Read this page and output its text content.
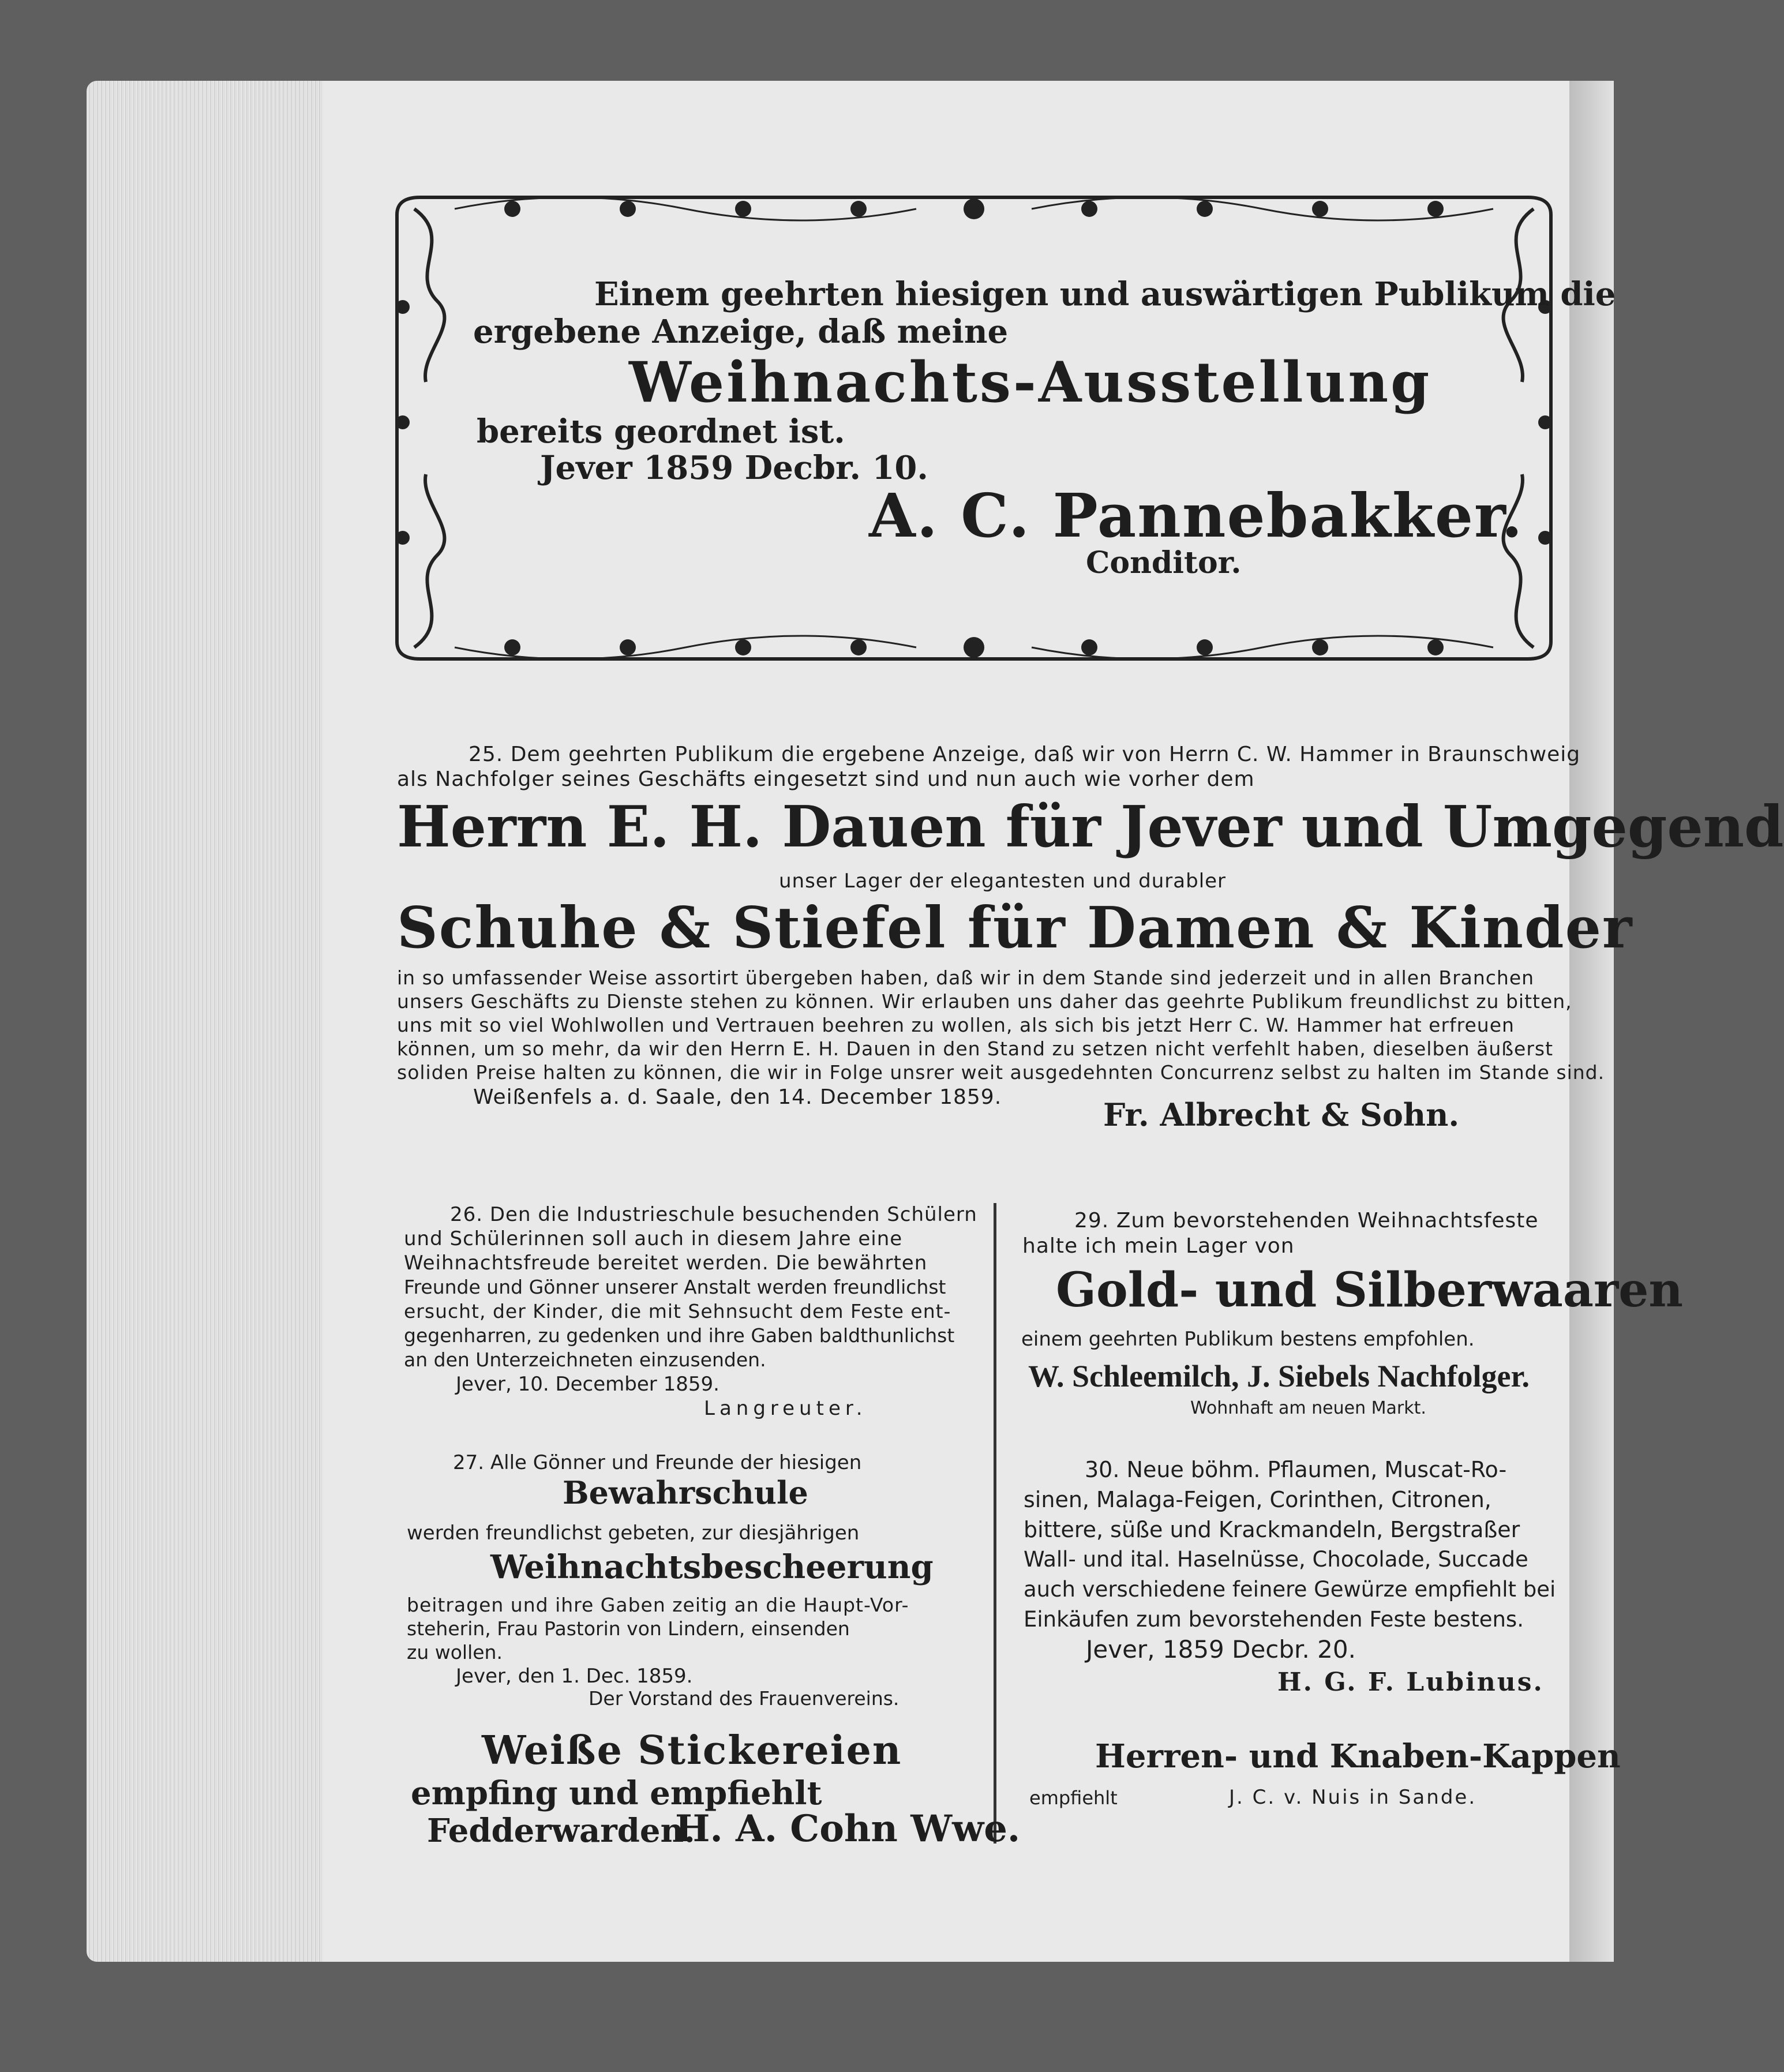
Einem geehrten hiesigen und auswärtigen Publikum die
ergebene Anzeige, daß meine
Weihnachts-Ausstellung
bereits geordnet ist.
Jever 1859 Decbr. 10.
A. C. Pannebakker.
Conditor.
25. Dem geehrten Publikum die ergebene Anzeige, daß wir von Herrn C. W. Hammer in Braunschweig
als Nachfolger seines Geschäfts eingesetzt sind und nun auch wie vorher dem
Herrn E. H. Dauen für Jever und Umgegend
unser Lager der elegantesten und durabler
Schuhe & Stiefel für Damen & Kinder
in so umfassender Weise assortirt übergeben haben, daß wir in dem Stande sind jederzeit und in allen Branchen
unsers Geschäfts zu Dienste stehen zu können. Wir erlauben uns daher das geehrte Publikum freundlichst zu bitten,
uns mit so viel Wohlwollen und Vertrauen beehren zu wollen, als sich bis jetzt Herr C. W. Hammer hat erfreuen
können, um so mehr, da wir den Herrn E. H. Dauen in den Stand zu setzen nicht verfehlt haben, dieselben äußerst
soliden Preise halten zu können, die wir in Folge unsrer weit ausgedehnten Concurrenz selbst zu halten im Stande sind.
Weißenfels a. d. Saale, den 14. December 1859.	Fr. Albrecht & Sohn.
26. Den die Industrieschule besuchenden Schülern
und Schülerinnen soll auch in diesem Jahre eine
Weihnachtsfreude bereitet werden. Die bewährten
Freunde und Gönner unserer Anstalt werden freundlichst
ersucht, der Kinder, die mit Sehnsucht dem Feste ent-
gegenharren, zu gedenken und ihre Gaben baldthunlichst
an den Unterzeichneten einzusenden.
Jever, 10. December 1859.
Langreuter.
27. Alle Gönner und Freunde der hiesigen
Bewahrschule
werden freundlichst gebeten, zur diesjährigen
Weihnachtsbescheerung
beitragen und ihre Gaben zeitig an die Haupt-Vor-
steherin, Frau Pastorin von Lindern, einsenden
zu wollen.
Jever, den 1. Dec. 1859.
Der Vorstand des Frauenvereins.
Weiße Stickereien
empfing und empfiehlt
Fedderwarden.
H. A. Cohn Wwe.
29. Zum bevorstehenden Weihnachtsfeste
halte ich mein Lager von
Gold- und Silberwaaren
einem geehrten Publikum bestens empfohlen.
W. Schleemilch, J. Siebels Nachfolger.
Wohnhaft am neuen Markt.
30. Neue böhm. Pflaumen, Muscat-Ro-
sinen, Malaga-Feigen, Corinthen, Citronen,
bittere, süße und Krackmandeln, Bergstraßer
Wall- und ital. Haselnüsse, Chocolade, Succade
auch verschiedene feinere Gewürze empfiehlt bei
Einkäufen zum bevorstehenden Feste bestens.
Jever, 1859 Decbr. 20.
H. G. F. Lubinus.
Herren- und Knaben-Kappen
empfiehlt	J. C. v. Nuis in Sande.
